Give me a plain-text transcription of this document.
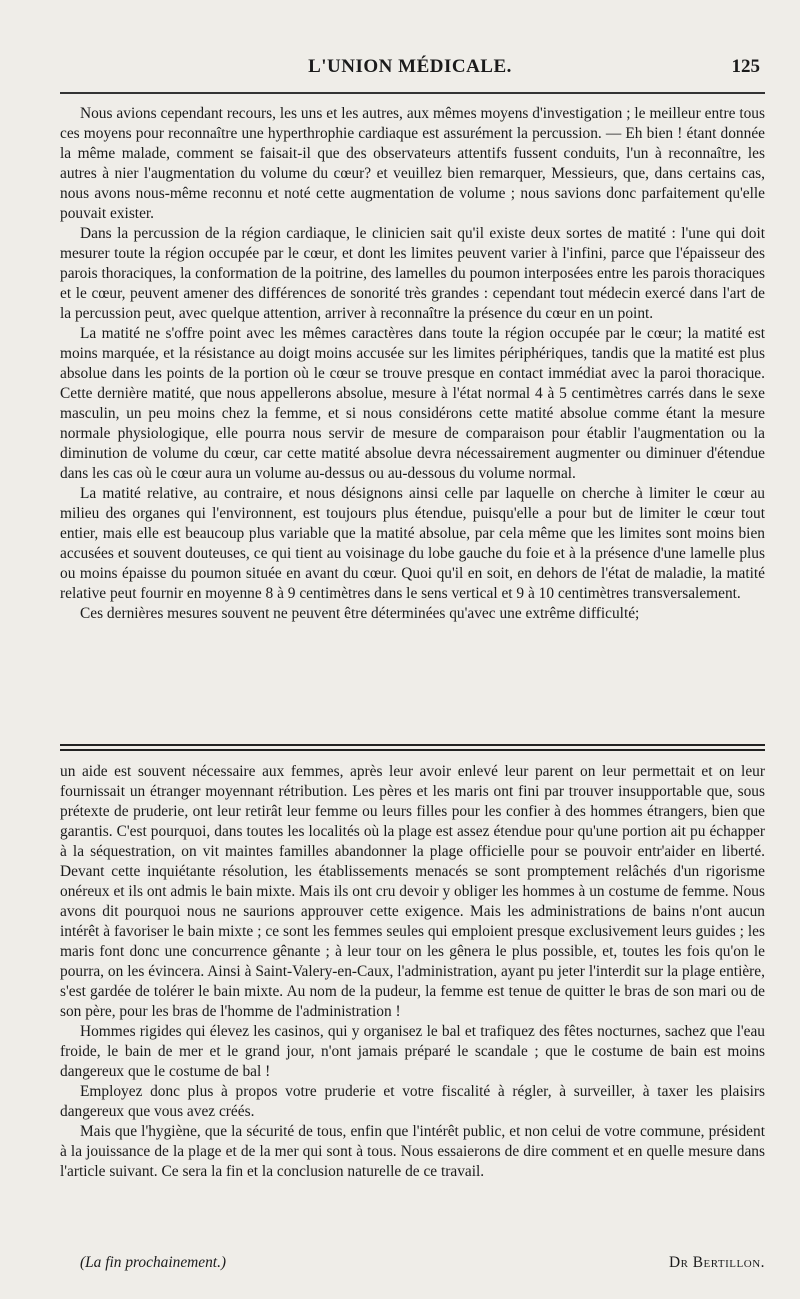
L'UNION MÉDICALE.	125

Nous avions cependant recours, les uns et les autres, aux mêmes moyens d'investigation ; le meilleur entre tous ces moyens pour reconnaître une hyperthrophie cardiaque est assurément la percussion. — Eh bien ! étant donnée la même malade, comment se faisait-il que des observateurs attentifs fussent conduits, l'un à reconnaître, les autres à nier l'augmentation du volume du cœur? et veuillez bien remarquer, Messieurs, que, dans certains cas, nous avons nous-même reconnu et noté cette augmentation de volume ; nous savions donc parfaitement qu'elle pouvait exister.

Dans la percussion de la région cardiaque, le clinicien sait qu'il existe deux sortes de matité : l'une qui doit mesurer toute la région occupée par le cœur, et dont les limites peuvent varier à l'infini, parce que l'épaisseur des parois thoraciques, la conformation de la poitrine, des lamelles du poumon interposées entre les parois thoraciques et le cœur, peuvent amener des différences de sonorité très grandes : cependant tout médecin exercé dans l'art de la percussion peut, avec quelque attention, arriver à reconnaître la présence du cœur en un point.

La matité ne s'offre point avec les mêmes caractères dans toute la région occupée par le cœur; la matité est moins marquée, et la résistance au doigt moins accusée sur les limites périphériques, tandis que la matité est plus absolue dans les points de la portion où le cœur se trouve presque en contact immédiat avec la paroi thoracique. Cette dernière matité, que nous appellerons absolue, mesure à l'état normal 4 à 5 centimètres carrés dans le sexe masculin, un peu moins chez la femme, et si nous considérons cette matité absolue comme étant la mesure normale physiologique, elle pourra nous servir de mesure de comparaison pour établir l'augmentation ou la diminution de volume du cœur, car cette matité absolue devra nécessairement augmenter ou diminuer d'étendue dans les cas où le cœur aura un volume au-dessus ou au-dessous du volume normal.

La matité relative, au contraire, et nous désignons ainsi celle par laquelle on cherche à limiter le cœur au milieu des organes qui l'environnent, est toujours plus étendue, puisqu'elle a pour but de limiter le cœur tout entier, mais elle est beaucoup plus variable que la matité absolue, par cela même que les limites sont moins bien accusées et souvent douteuses, ce qui tient au voisinage du lobe gauche du foie et à la présence d'une lamelle plus ou moins épaisse du poumon située en avant du cœur. Quoi qu'il en soit, en dehors de l'état de maladie, la matité relative peut fournir en moyenne 8 à 9 centimètres dans le sens vertical et 9 à 10 centimètres transversalement.

Ces dernières mesures souvent ne peuvent être déterminées qu'avec une extrême difficulté;

un aide est souvent nécessaire aux femmes, après leur avoir enlevé leur parent on leur permettait et on leur fournissait un étranger moyennant rétribution. Les pères et les maris ont fini par trouver insupportable que, sous prétexte de pruderie, ont leur retirât leur femme ou leurs filles pour les confier à des hommes étrangers, bien que garantis. C'est pourquoi, dans toutes les localités où la plage est assez étendue pour qu'une portion ait pu échapper à la séquestration, on vit maintes familles abandonner la plage officielle pour se pouvoir entr'aider en liberté. Devant cette inquiétante résolution, les établissements menacés se sont promptement relâchés d'un rigorisme onéreux et ils ont admis le bain mixte. Mais ils ont cru devoir y obliger les hommes à un costume de femme. Nous avons dit pourquoi nous ne saurions approuver cette exigence. Mais les administrations de bains n'ont aucun intérêt à favoriser le bain mixte ; ce sont les femmes seules qui emploient presque exclusivement leurs guides ; les maris font donc une concurrence gênante ; à leur tour on les gênera le plus possible, et, toutes les fois qu'on le pourra, on les évincera. Ainsi à Saint-Valery-en-Caux, l'administration, ayant pu jeter l'interdit sur la plage entière, s'est gardée de tolérer le bain mixte. Au nom de la pudeur, la femme est tenue de quitter le bras de son mari ou de son père, pour les bras de l'homme de l'administration !

Hommes rigides qui élevez les casinos, qui y organisez le bal et trafiquez des fêtes nocturnes, sachez que l'eau froide, le bain de mer et le grand jour, n'ont jamais préparé le scandale ; que le costume de bain est moins dangereux que le costume de bal !

Employez donc plus à propos votre pruderie et votre fiscalité à régler, à surveiller, à taxer les plaisirs dangereux que vous avez créés.

Mais que l'hygiène, que la sécurité de tous, enfin que l'intérêt public, et non celui de votre commune, président à la jouissance de la plage et de la mer qui sont à tous. Nous essaierons de dire comment et en quelle mesure dans l'article suivant. Ce sera la fin et la conclusion naturelle de ce travail.

(La fin prochainement.)	Dr Bertillon.
